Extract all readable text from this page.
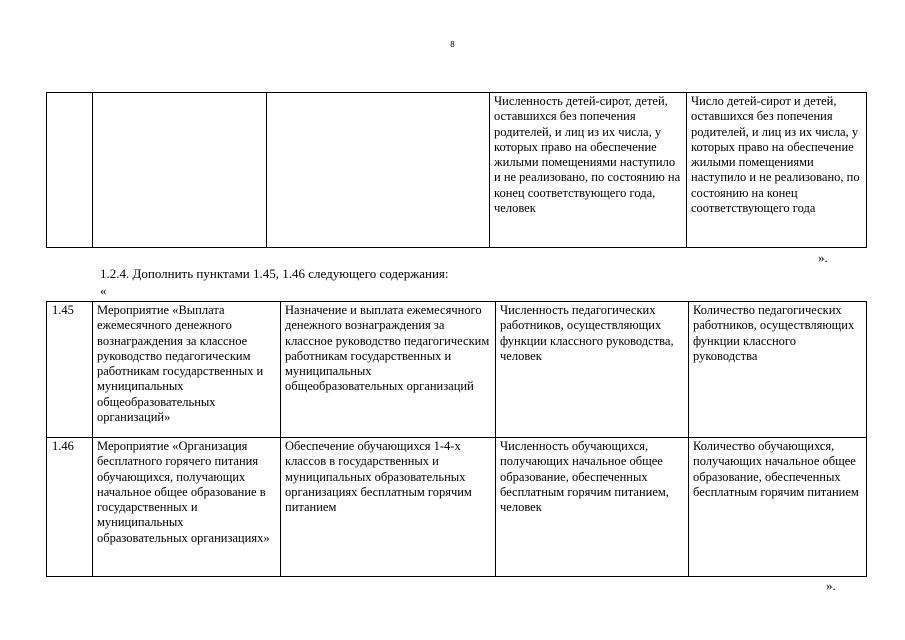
8
			Численность детей-сирот, детей, оставшихся без попечения родителей, и лиц из их числа, у которых право на обеспечение жилыми помещениями наступило и не реализовано, по состоянию на конец соответствующего года, человек	Число детей-сирот и детей, оставшихся без попечения родителей, и лиц из их числа, у которых право на обеспечение жилыми помещениями наступило и не реализовано, по состоянию на конец соответствующего года
».
1.2.4. Дополнить пунктами 1.45, 1.46 следующего содержания:
«
1.45	Мероприятие «Выплата ежемесячного денежного вознаграждения за классное руководство педагогическим работникам государственных и муниципальных общеобразовательных организаций»	Назначение и выплата ежемесячного денежного вознаграждения за классное руководство педагогическим работникам государственных и муниципальных общеобразовательных организаций	Численность педагогических работников, осуществляющих функции классного руководства, человек	Количество педагогических работников, осуществляющих функции классного руководства
1.46	Мероприятие «Организация бесплатного горячего питания обучающихся, получающих начальное общее образование в государственных и муниципальных образовательных организациях»	Обеспечение обучающихся 1-4-х классов в государственных и муниципальных образовательных организациях бесплатным горячим питанием	Численность обучающихся, получающих начальное общее образование, обеспеченных бесплатным горячим питанием, человек	Количество обучающихся, получающих начальное общее образование, обеспеченных бесплатным горячим питанием
».
